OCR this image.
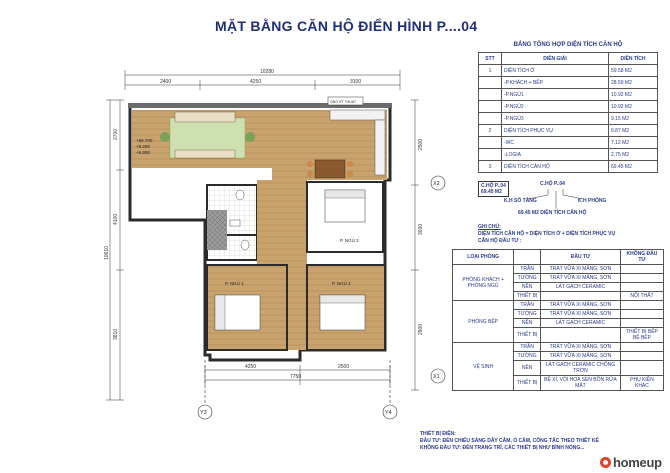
MẶT BẰNG CĂN HỘ ĐIỂN HÌNH P....04
10280
2400	4250	3100
2700
4100
10610
3810
2500
3030
2900
ỐNG KỸ THUẬT
+58.700
+9.200
+5.900
P. NGỦ 3
P. NGỦ 1	P. NGỦ 2
4250	2500
7750
Y3	Y4
X2
X1
BẢNG TỔNG HỢP DIỆN TÍCH CĂN HỘ
STT	DIỄN GIẢI	DIỆN TÍCH
1	DIỆN TÍCH Ở	59.58 M2
	-P.KHÁCH + BẾP	28.59 M2
	-P.NGỦ1	10.92 M2
	-P.NGỦ2	10.92 M2
	-P.NGỦ3	9.15 M2
2	DIỆN TÍCH PHỤC VỤ	9.87 M2
	-WC	7.12 M2
	-LOGIA	2.75 M2
3	DIỆN TÍCH CĂN HỘ	69.45 M2
C.HỘ P..04
69.45 M2
C.HỘ P..04
K.H SỐ TẦNG	K.H PHÒNG
69.45 M2 DIỆN TÍCH CĂN HỘ
GHI CHÚ:
DIỆN TÍCH CĂN HỘ = DIỆN TÍCH Ở + DIỆN TÍCH PHỤC VỤ
CĂN HỘ ĐẦU TƯ :
LOẠI PHÒNG		ĐẦU TƯ	KHÔNG ĐẦU TƯ
PHÒNG KHÁCH + PHÒNG NGỦ	TRẦN	TRÁT VỮA XI MĂNG, SƠN	
	TƯỜNG	TRÁT VỮA XI MĂNG, SƠN	
	NỀN	LÁT GẠCH CERAMIC	
	THIẾT BỊ		NỘI THẤT
PHÒNG BẾP	TRẦN	TRÁT VỮA XI MĂNG, SƠN	
	TƯỜNG	TRÁT VỮA XI MĂNG, SƠN	
	NỀN	LÁT GẠCH CERAMIC	
	THIẾT BỊ		THIẾT BỊ BẾP BỆ BẾP
VỆ SINH	TRẦN	TRÁT VỮA XI MĂNG, SƠN	
	TƯỜNG	TRÁT VỮA XI MĂNG, SƠN	
	NỀN	LÁT GẠCH CERAMIC CHỐNG TRƠN	
	THIẾT BỊ	BỆ XÍ, VÒI HOA SEN BỒN RỬA MẶT	PHỤ KIỆN KHÁC
THIẾT BỊ ĐIỆN:
ĐẦU TƯ: ĐÈN CHIẾU SÁNG DÂY CẮM, Ổ CẮM, CÔNG TẮC THEO THIẾT KẾ
KHÔNG ĐẦU TƯ: ĐÈN TRANG TRÍ, CÁC THIẾT BỊ NHƯ BÌNH NÓNG...
homeup
